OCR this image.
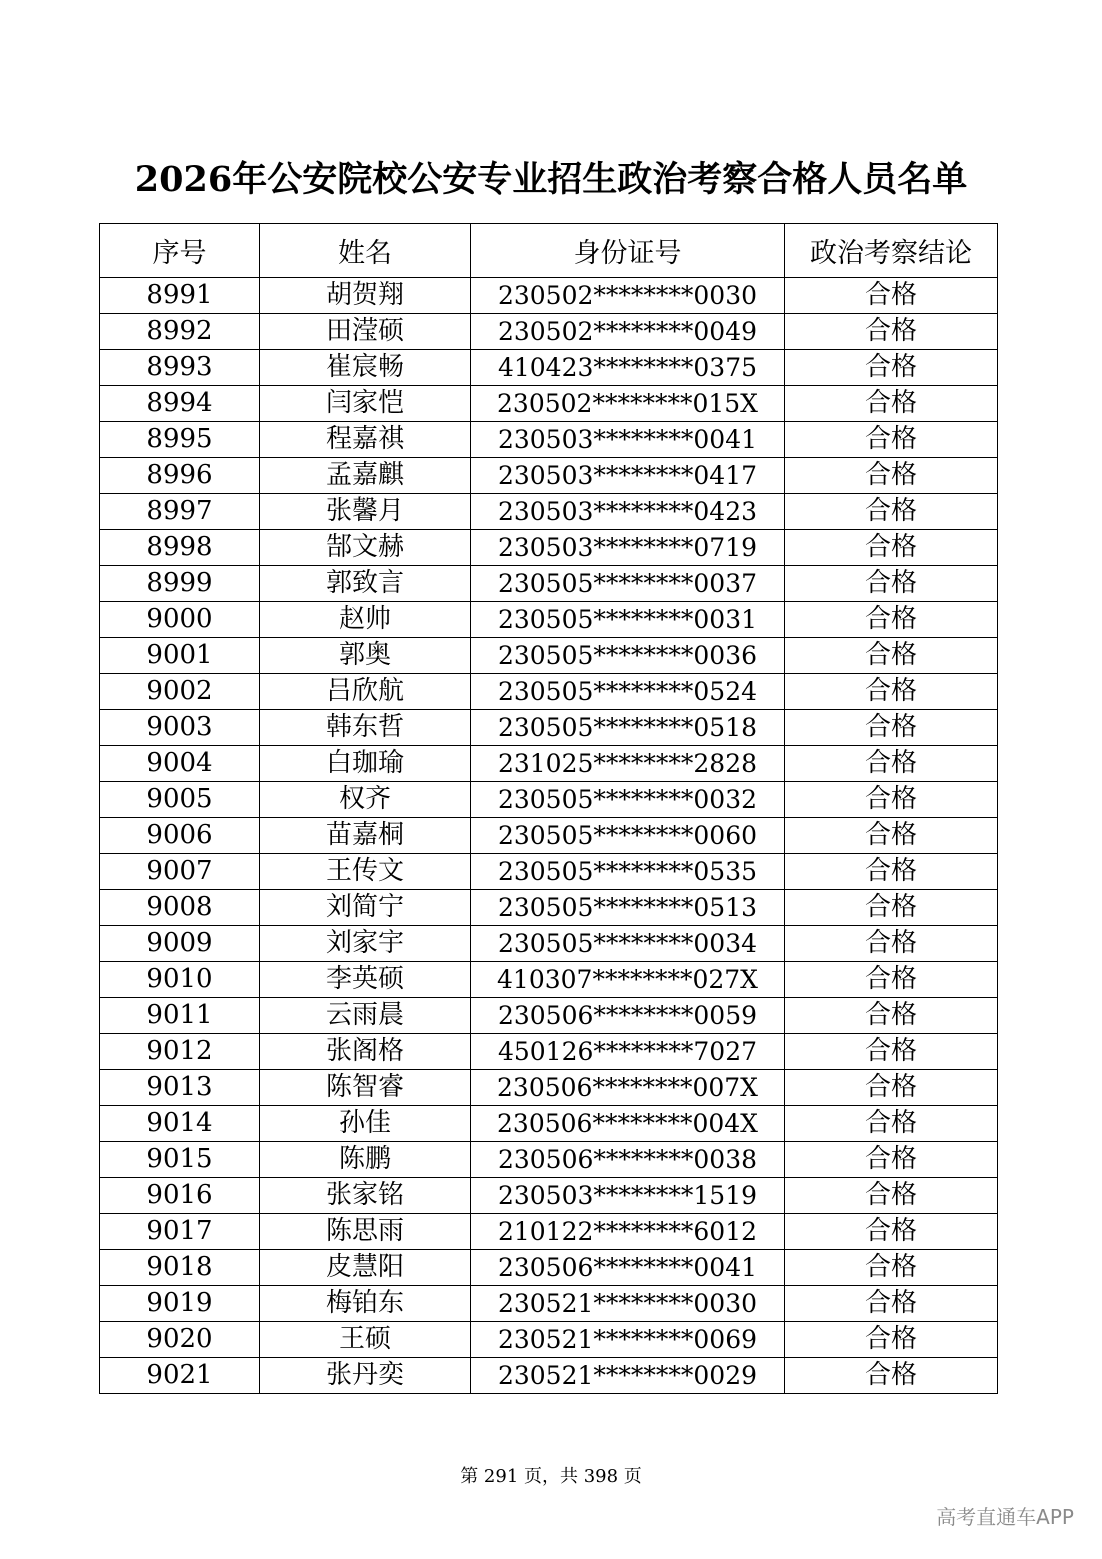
2026年公安院校公安专业招生政治考察合格人员名单
序号	姓名	身份证号	政治考察结论
8991	胡贺翔	230502********0030	合格
8992	田滢硕	230502********0049	合格
8993	崔宸畅	410423********0375	合格
8994	闫家恺	230502********015X	合格
8995	程嘉祺	230503********0041	合格
8996	孟嘉麒	230503********0417	合格
8997	张馨月	230503********0423	合格
8998	郜文赫	230503********0719	合格
8999	郭致言	230505********0037	合格
9000	赵帅	230505********0031	合格
9001	郭奥	230505********0036	合格
9002	吕欣航	230505********0524	合格
9003	韩东哲	230505********0518	合格
9004	白珈瑜	231025********2828	合格
9005	权齐	230505********0032	合格
9006	苗嘉桐	230505********0060	合格
9007	王传文	230505********0535	合格
9008	刘简宁	230505********0513	合格
9009	刘家宇	230505********0034	合格
9010	李英硕	410307********027X	合格
9011	云雨晨	230506********0059	合格
9012	张阁格	450126********7027	合格
9013	陈智睿	230506********007X	合格
9014	孙佳	230506********004X	合格
9015	陈鹏	230506********0038	合格
9016	张家铭	230503********1519	合格
9017	陈思雨	210122********6012	合格
9018	皮慧阳	230506********0041	合格
9019	梅铂东	230521********0030	合格
9020	王硕	230521********0069	合格
9021	张丹奕	230521********0029	合格
第 291 页，共 398 页
高考直通车APP
